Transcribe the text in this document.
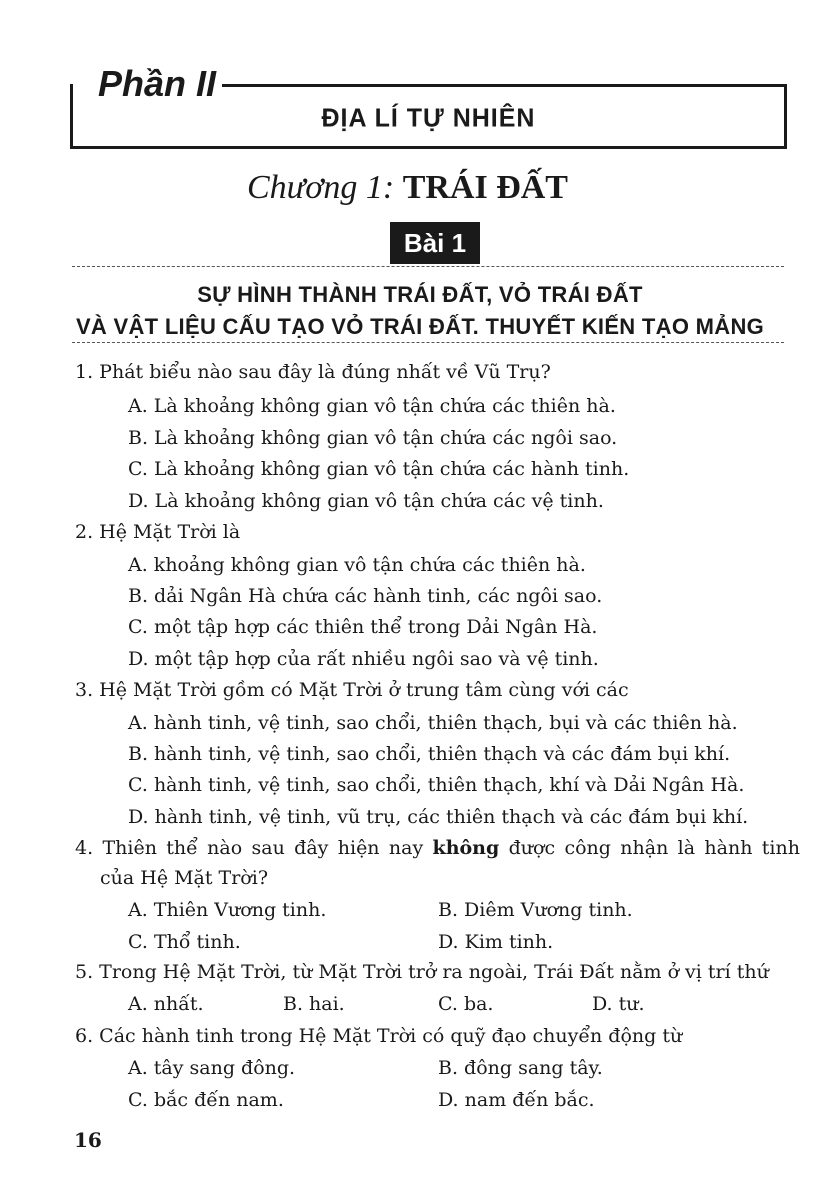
Phần II
ĐỊA LÍ TỰ NHIÊN
Chương 1: TRÁI ĐẤT
Bài 1
SỰ HÌNH THÀNH TRÁI ĐẤT, VỎ TRÁI ĐẤT
VÀ VẬT LIỆU CẤU TẠO VỎ TRÁI ĐẤT. THUYẾT KIẾN TẠO MẢNG
1. Phát biểu nào sau đây là đúng nhất về Vũ Trụ?
A. Là khoảng không gian vô tận chứa các thiên hà.
B. Là khoảng không gian vô tận chứa các ngôi sao.
C. Là khoảng không gian vô tận chứa các hành tinh.
D. Là khoảng không gian vô tận chứa các vệ tinh.
2. Hệ Mặt Trời là
A. khoảng không gian vô tận chứa các thiên hà.
B. dải Ngân Hà chứa các hành tinh, các ngôi sao.
C. một tập hợp các thiên thể trong Dải Ngân Hà.
D. một tập hợp của rất nhiều ngôi sao và vệ tinh.
3. Hệ Mặt Trời gồm có Mặt Trời ở trung tâm cùng với các
A. hành tinh, vệ tinh, sao chổi, thiên thạch, bụi và các thiên hà.
B. hành tinh, vệ tinh, sao chổi, thiên thạch và các đám bụi khí.
C. hành tinh, vệ tinh, sao chổi, thiên thạch, khí và Dải Ngân Hà.
D. hành tinh, vệ tinh, vũ trụ, các thiên thạch và các đám bụi khí.
4. Thiên thể nào sau đây hiện nay không được công nhận là hành tinh
của Hệ Mặt Trời?
A. Thiên Vương tinh.	B. Diêm Vương tinh.
C. Thổ tinh.	D. Kim tinh.
5. Trong Hệ Mặt Trời, từ Mặt Trời trở ra ngoài, Trái Đất nằm ở vị trí thứ
A. nhất.	B. hai.	C. ba.	D. tư.
6. Các hành tinh trong Hệ Mặt Trời có quỹ đạo chuyển động từ
A. tây sang đông.	B. đông sang tây.
C. bắc đến nam.	D. nam đến bắc.
16
